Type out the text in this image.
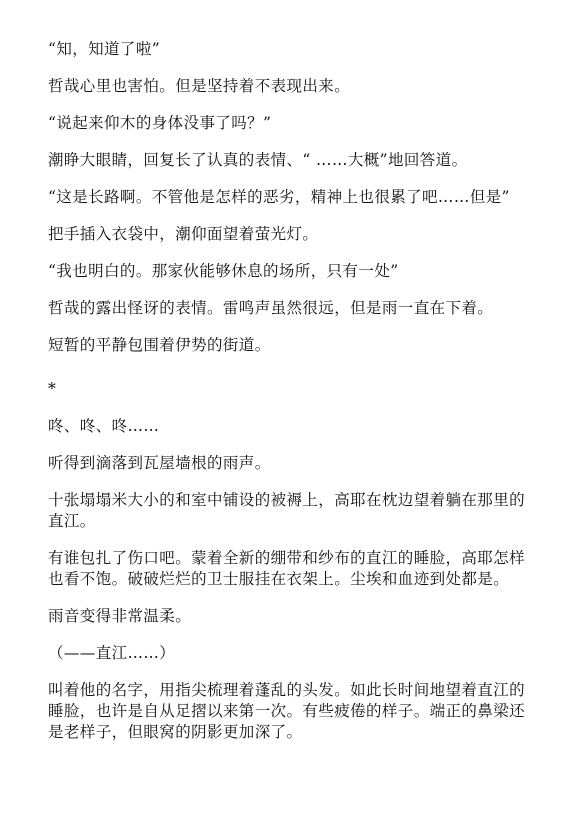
“知，知道了啦”

哲哉心里也害怕。但是坚持着不表现出来。

“说起来仰木的身体没事了吗？”

潮睁大眼睛，回复长了认真的表情、“ ……大概”地回答道。

“这是长路啊。不管他是怎样的恶劣，精神上也很累了吧……但是”

把手插入衣袋中，潮仰面望着萤光灯。

“我也明白的。那家伙能够休息的场所，只有一处”

哲哉的露出怪讶的表情。雷鸣声虽然很远，但是雨一直在下着。

短暂的平静包围着伊势的街道。

*

咚、咚、咚……

听得到滴落到瓦屋墙根的雨声。

十张塌塌米大小的和室中铺设的被褥上，高耶在枕边望着躺在那里的直江。

有谁包扎了伤口吧。蒙着全新的绷带和纱布的直江的睡脸，高耶怎样也看不饱。破破烂烂的卫士服挂在衣架上。尘埃和血迹到处都是。

雨音变得非常温柔。

（——直江……）

叫着他的名字，用指尖梳理着蓬乱的头发。如此长时间地望着直江的睡脸，也许是自从足摺以来第一次。有些疲倦的样子。端正的鼻梁还是老样子，但眼窝的阴影更加深了。
